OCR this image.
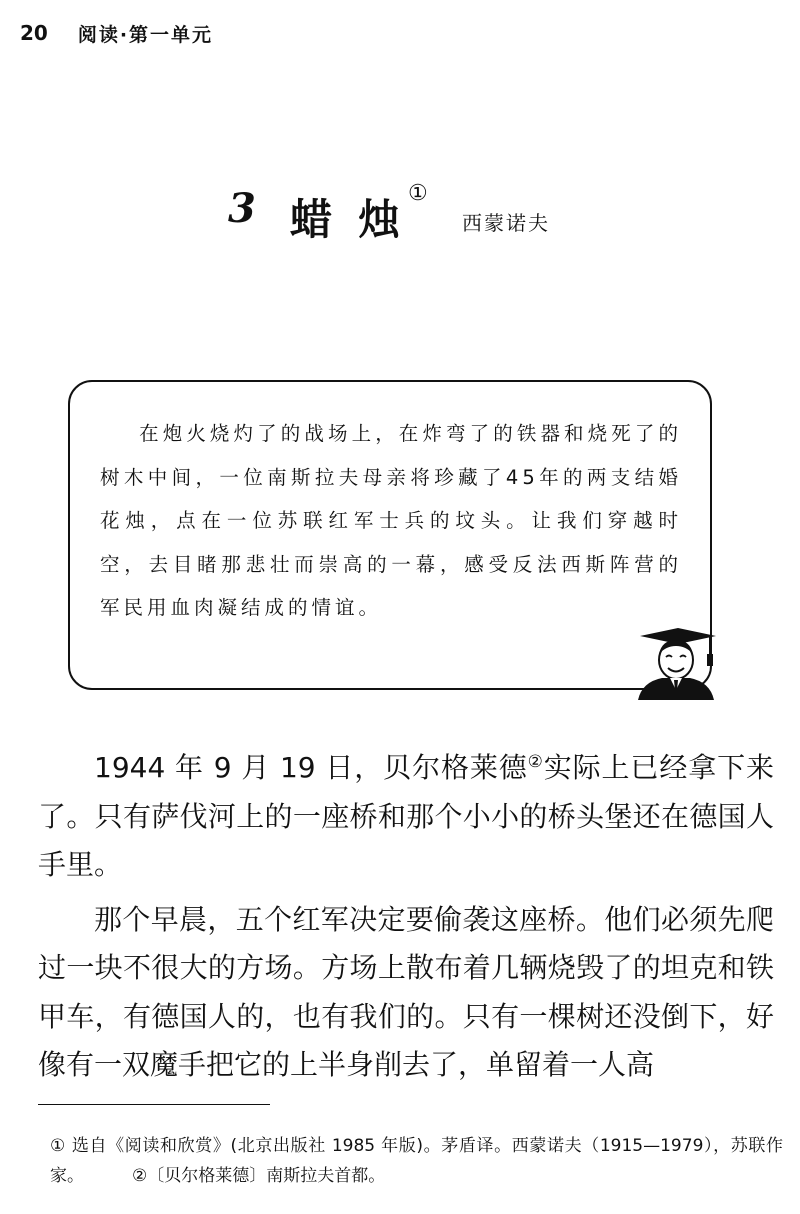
20 阅读·第一单元
3 蜡 烛
①
西蒙诺夫
在炮火烧灼了的战场上，在炸弯了的铁器和烧死了的树木中间，一位南斯拉夫母亲将珍藏了45年的两支结婚花烛，点在一位苏联红军士兵的坟头。让我们穿越时空，去目睹那悲壮而崇高的一幕，感受反法西斯阵营的军民用血肉凝结成的情谊。

1944 年 9 月 19 日，贝尔格莱德②实际上已经拿下来了。只有萨伐河上的一座桥和那个小小的桥头堡还在德国人手里。

那个早晨，五个红军决定要偷袭这座桥。他们必须先爬过一块不很大的方场。方场上散布着几辆烧毁了的坦克和铁甲车，有德国人的，也有我们的。只有一棵树还没倒下，好像有一双魔手把它的上半身削去了，单留着一人高

① 选自《阅读和欣赏》(北京出版社 1985 年版)。茅盾译。西蒙诺夫（1915—1979），苏联作家。	②〔贝尔格莱德〕南斯拉夫首都。
